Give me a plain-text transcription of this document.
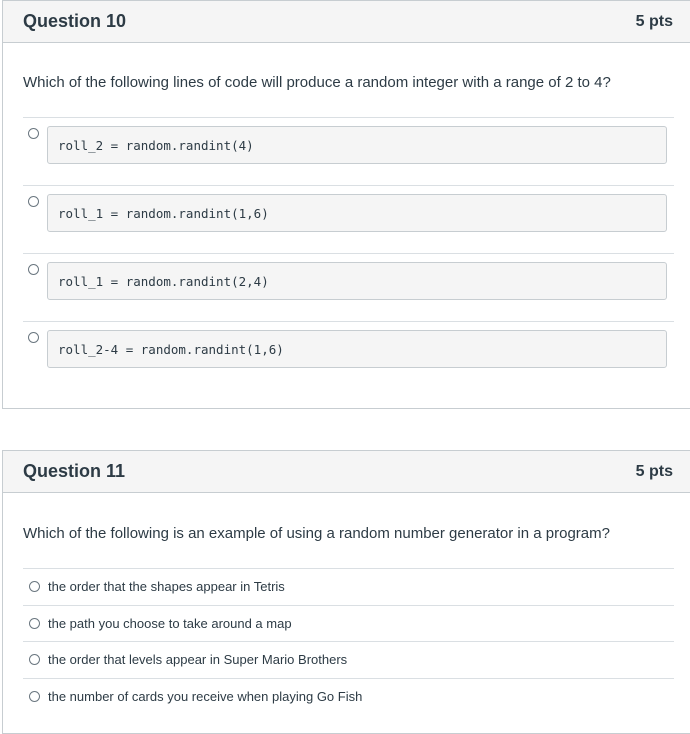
Question 10	5 pts
Which of the following lines of code will produce a random integer with a range of 2 to 4?
roll_2 = random.randint(4)
roll_1 = random.randint(1,6)
roll_1 = random.randint(2,4)
roll_2-4 = random.randint(1,6)
Question 11	5 pts
Which of the following is an example of using a random number generator in a program?
the order that the shapes appear in Tetris
the path you choose to take around a map
the order that levels appear in Super Mario Brothers
the number of cards you receive when playing Go Fish
